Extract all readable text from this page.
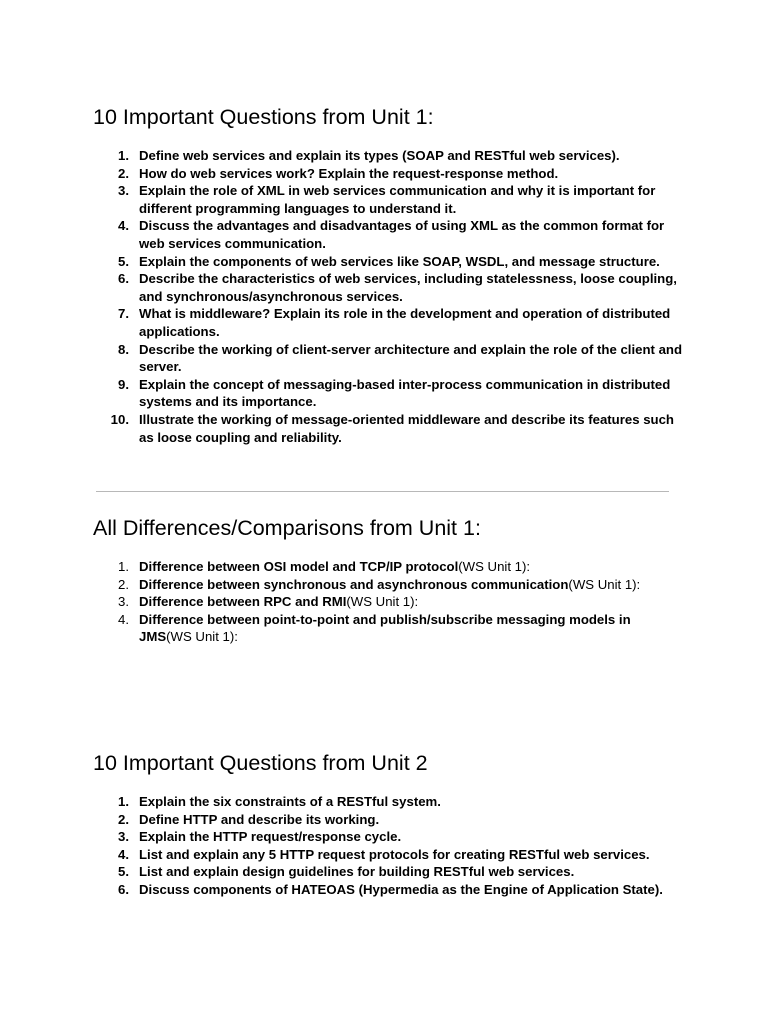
10 Important Questions from Unit 1:
1. Define web services and explain its types (SOAP and RESTful web services).
2. How do web services work? Explain the request-response method.
3. Explain the role of XML in web services communication and why it is important for different programming languages to understand it.
4. Discuss the advantages and disadvantages of using XML as the common format for web services communication.
5. Explain the components of web services like SOAP, WSDL, and message structure.
6. Describe the characteristics of web services, including statelessness, loose coupling, and synchronous/asynchronous services.
7. What is middleware? Explain its role in the development and operation of distributed applications.
8. Describe the working of client-server architecture and explain the role of the client and server.
9. Explain the concept of messaging-based inter-process communication in distributed systems and its importance.
10. Illustrate the working of message-oriented middleware and describe its features such as loose coupling and reliability.
All Differences/Comparisons from Unit 1:
1. Difference between OSI model and TCP/IP protocol(WS Unit 1):
2. Difference between synchronous and asynchronous communication(WS Unit 1):
3. Difference between RPC and RMI(WS Unit 1):
4. Difference between point-to-point and publish/subscribe messaging models in JMS(WS Unit 1):
10 Important Questions from Unit 2
1. Explain the six constraints of a RESTful system.
2. Define HTTP and describe its working.
3. Explain the HTTP request/response cycle.
4. List and explain any 5 HTTP request protocols for creating RESTful web services.
5. List and explain design guidelines for building RESTful web services.
6. Discuss components of HATEOAS (Hypermedia as the Engine of Application State).
